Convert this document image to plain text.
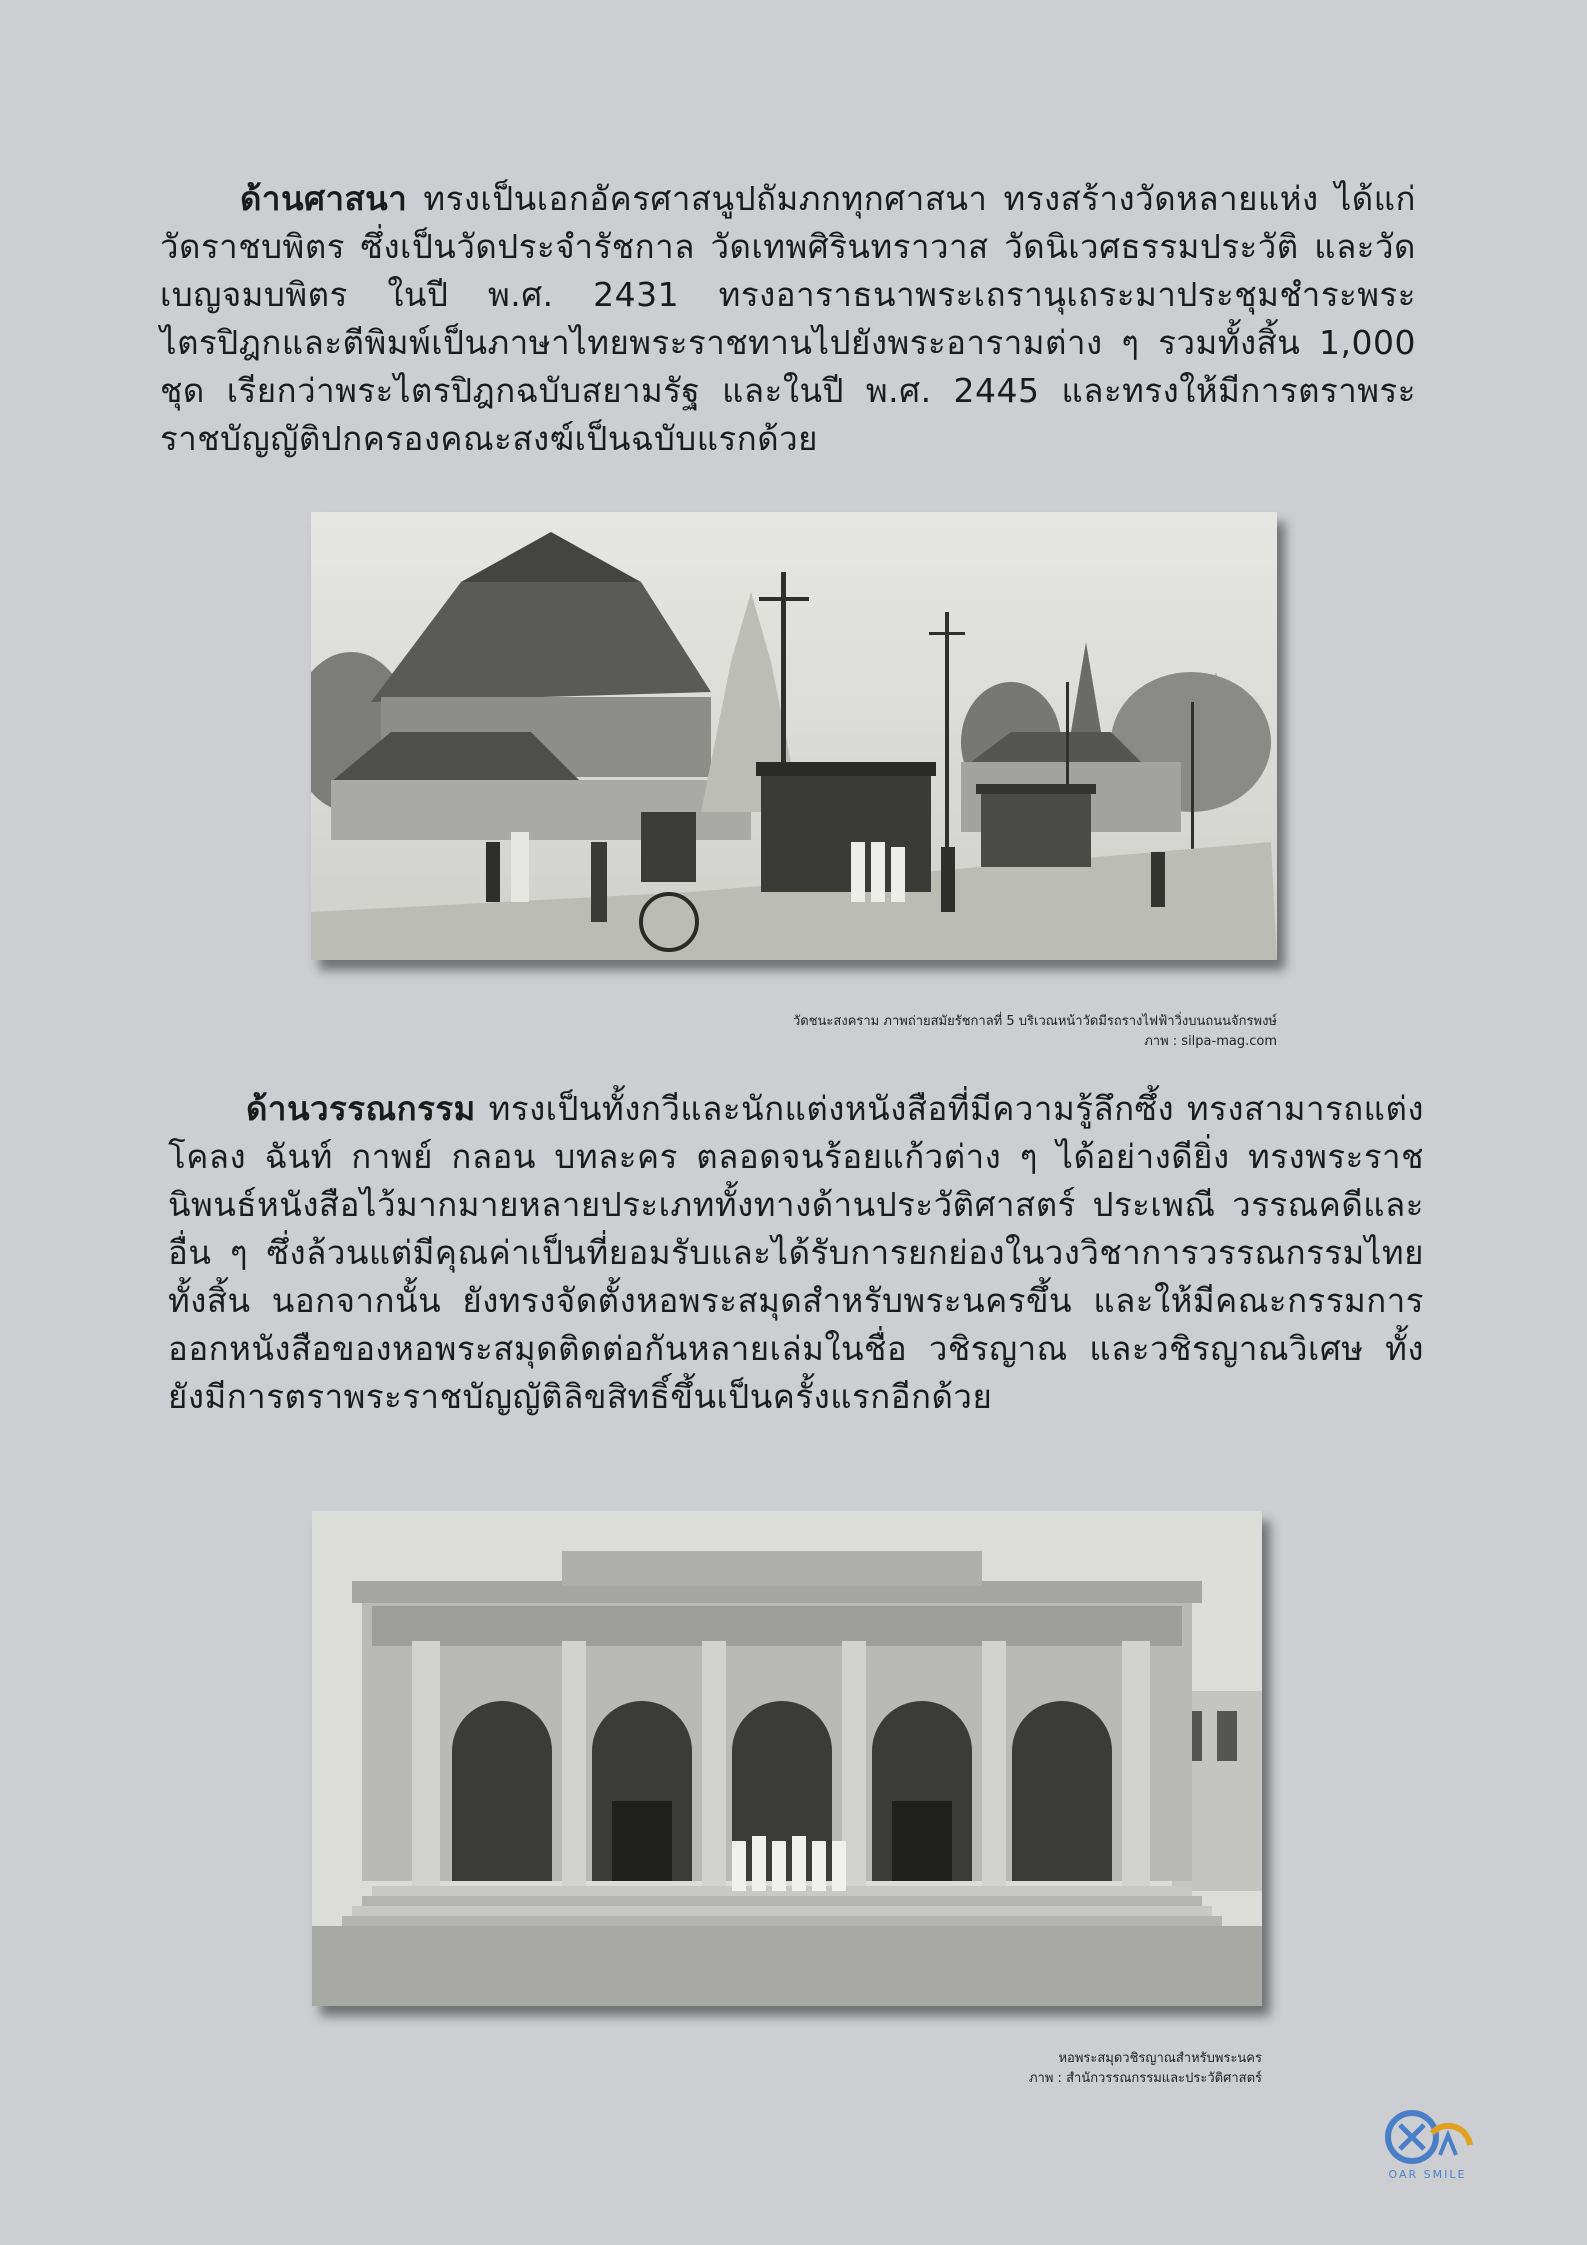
ด้านศาสนา ทรงเป็นเอกอัครศาสนูปถัมภกทุกศาสนา ทรงสร้างวัดหลายแห่ง ได้แก่ วัดราชบพิตร ซึ่งเป็นวัดประจำรัชกาล วัดเทพศิรินทราวาส วัดนิเวศธรรมประวัติ และวัดเบญจมบพิตร ในปี พ.ศ. 2431 ทรงอาราธนาพระเถรานุเถระมาประชุมชำระพระไตรปิฎกและตีพิมพ์เป็นภาษาไทยพระราชทานไปยังพระอารามต่าง ๆ รวมทั้งสิ้น 1,000 ชุด เรียกว่าพระไตรปิฎกฉบับสยามรัฐ และในปี พ.ศ. 2445 และทรงให้มีการตราพระราชบัญญัติปกครองคณะสงฆ์เป็นฉบับแรกด้วย

วัดชนะสงคราม ภาพถ่ายสมัยรัชกาลที่ 5 บริเวณหน้าวัดมีรถรางไฟฟ้าวิ่งบนถนนจักรพงษ์
ภาพ : silpa-mag.com

ด้านวรรณกรรม ทรงเป็นทั้งกวีและนักแต่งหนังสือที่มีความรู้ลึกซึ้ง ทรงสามารถแต่งโคลง ฉันท์ กาพย์ กลอน บทละคร ตลอดจนร้อยแก้วต่าง ๆ ได้อย่างดียิ่ง ทรงพระราชนิพนธ์หนังสือไว้มากมายหลายประเภททั้งทางด้านประวัติศาสตร์ ประเพณี วรรณคดีและอื่น ๆ ซึ่งล้วนแต่มีคุณค่าเป็นที่ยอมรับและได้รับการยกย่องในวงวิชาการวรรณกรรมไทยทั้งสิ้น นอกจากนั้น ยังทรงจัดตั้งหอพระสมุดสำหรับพระนครขึ้น และให้มีคณะกรรมการออกหนังสือของหอพระสมุดติดต่อกันหลายเล่มในชื่อ วชิรญาณ และวชิรญาณวิเศษ ทั้งยังมีการตราพระราชบัญญัติลิขสิทธิ์ขึ้นเป็นครั้งแรกอีกด้วย

หอพระสมุดวชิรญาณสำหรับพระนคร
ภาพ : สำนักวรรณกรรมและประวัติศาสตร์
OAR SMILE
